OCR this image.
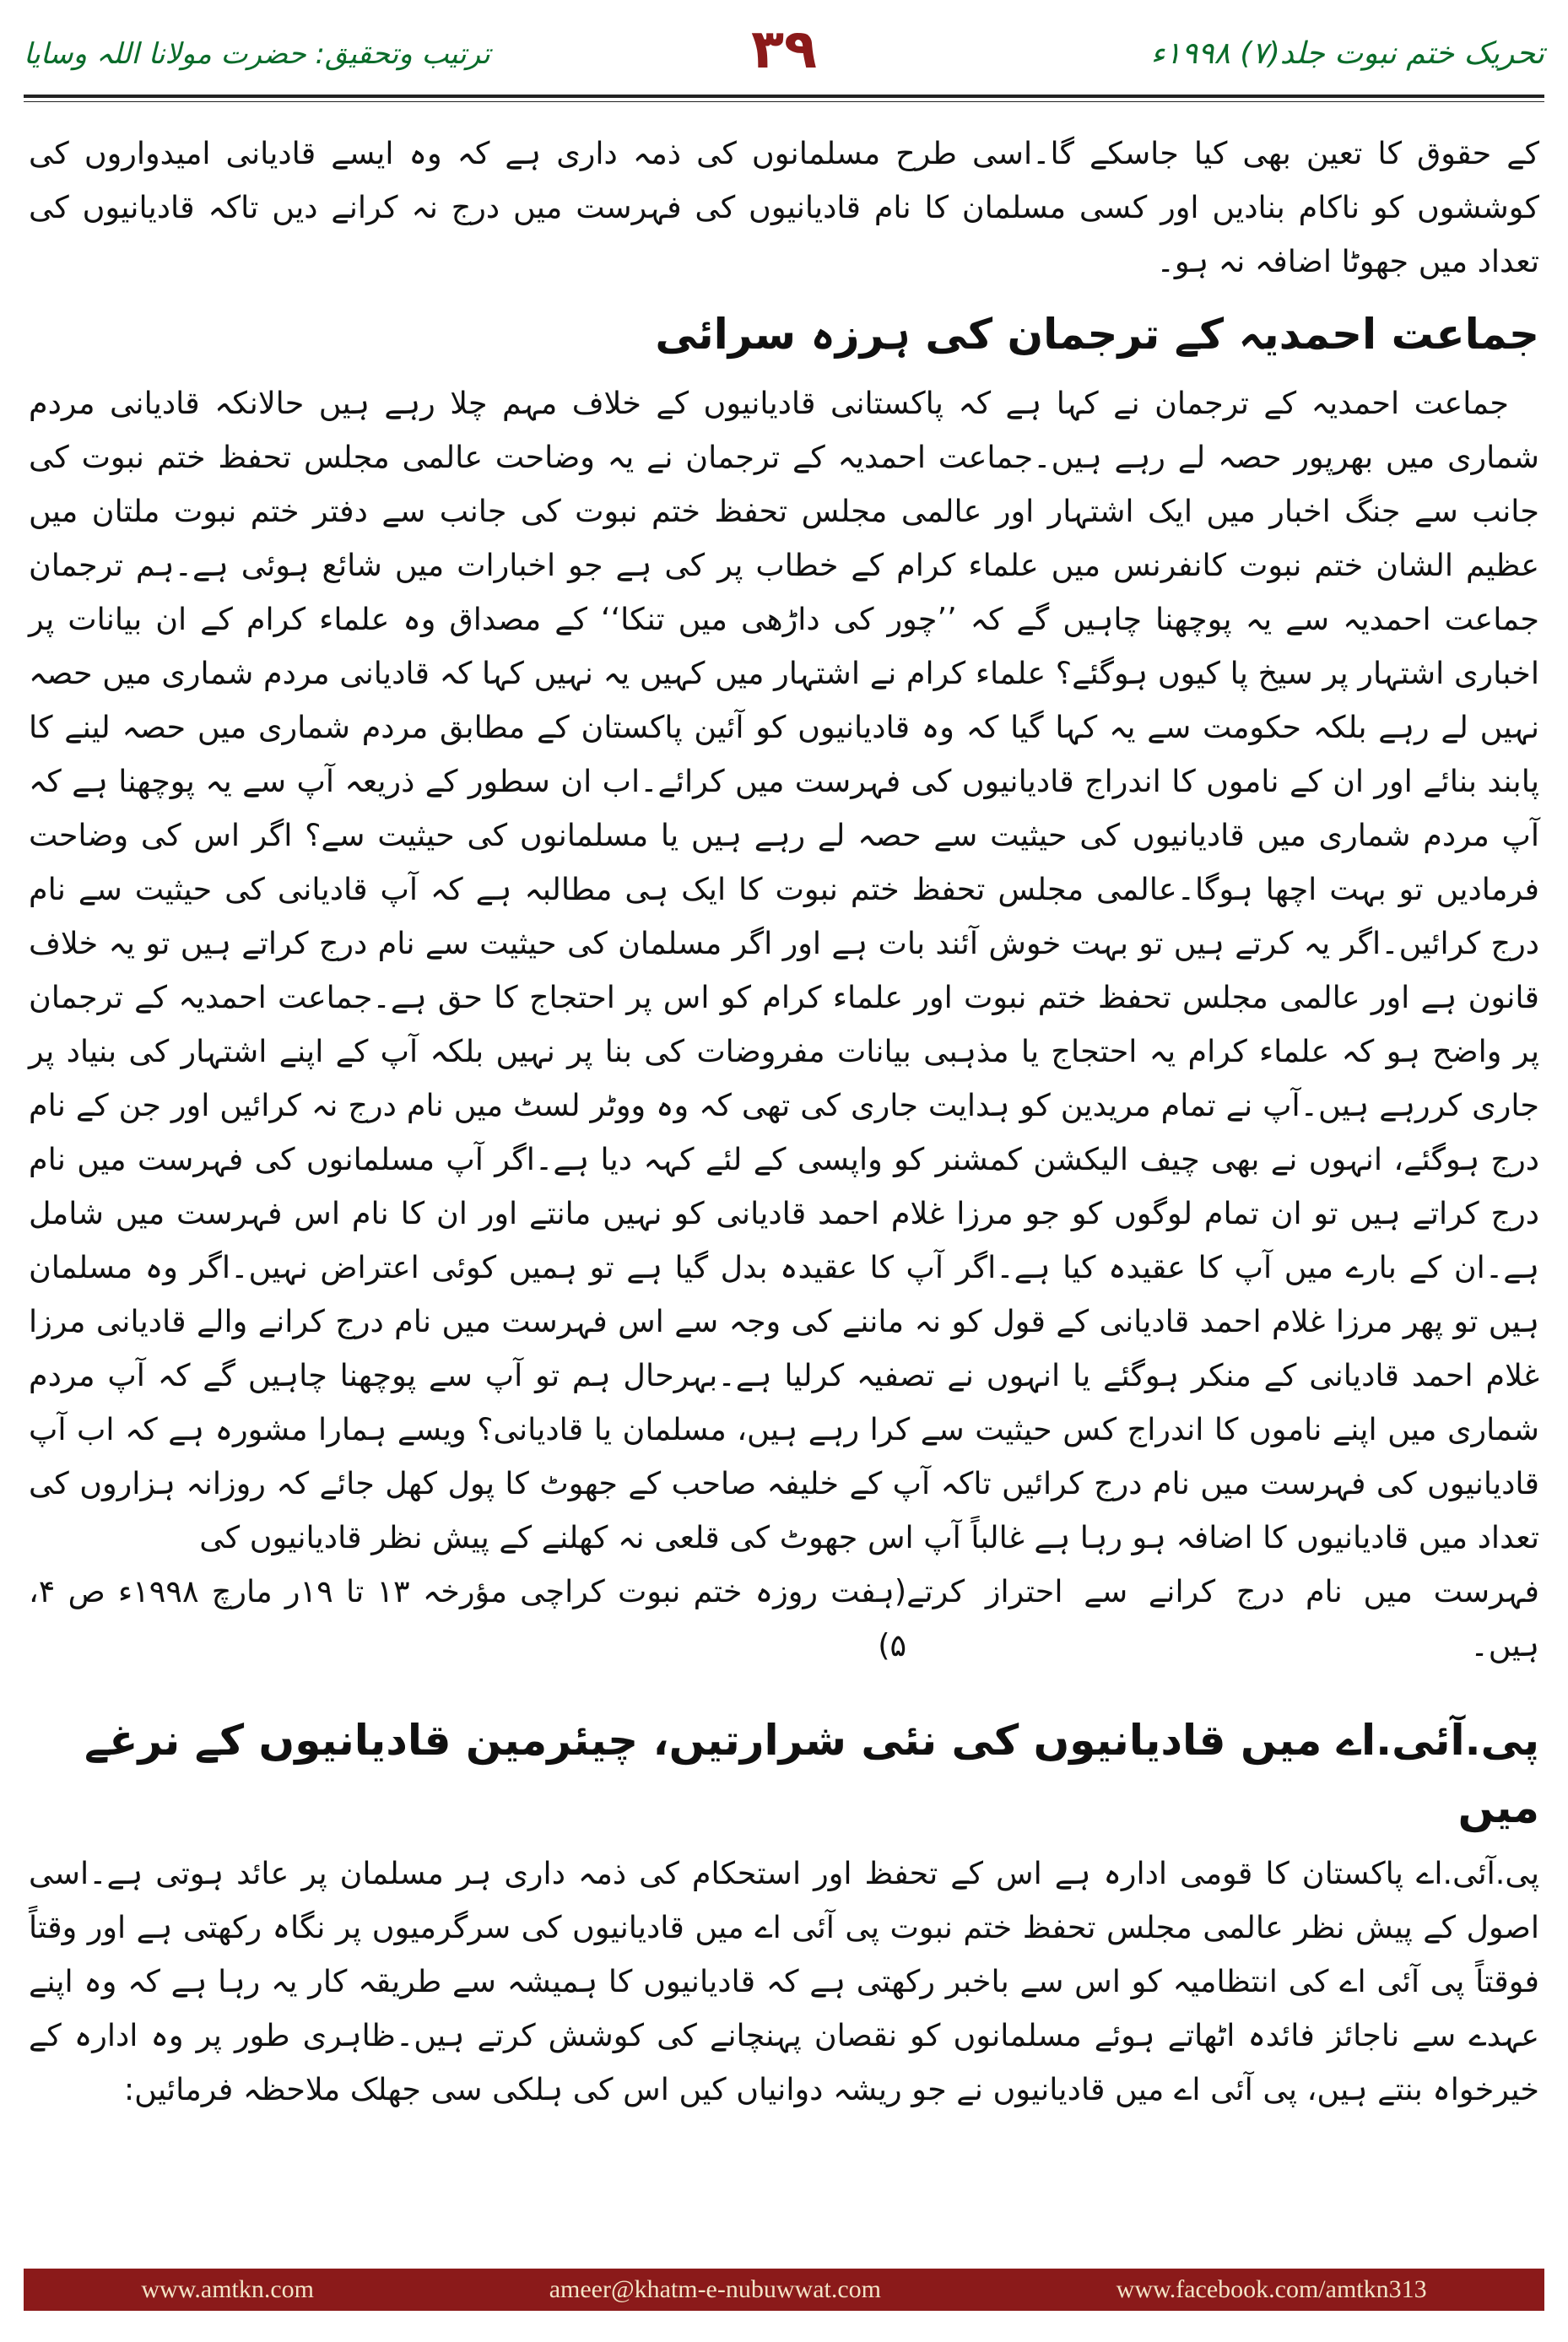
ترتیب وتحقیق: حضرت مولانا اللہ وسایا	۳۹	تحریک ختم نبوت جلد(۷) ۱۹۹۸ء

کے حقوق کا تعین بھی کیا جاسکے گا۔اسی طرح مسلمانوں کی ذمہ داری ہے کہ وہ ایسے قادیانی امیدواروں کی کوششوں کو ناکام بنادیں اور کسی مسلمان کا نام قادیانیوں کی فہرست میں درج نہ کرانے دیں تاکہ قادیانیوں کی تعداد میں جھوٹا اضافہ نہ ہو۔

جماعت احمدیہ کے ترجمان کی ہرزہ سرائی

جماعت احمدیہ کے ترجمان نے کہا ہے کہ پاکستانی قادیانیوں کے خلاف مہم چلا رہے ہیں حالانکہ قادیانی مردم شماری میں بھرپور حصہ لے رہے ہیں۔جماعت احمدیہ کے ترجمان نے یہ وضاحت عالمی مجلس تحفظ ختم نبوت کی جانب سے جنگ اخبار میں ایک اشتہار اور عالمی مجلس تحفظ ختم نبوت کی جانب سے دفتر ختم نبوت ملتان میں عظیم الشان ختم نبوت کانفرنس میں علماء کرام کے خطاب پر کی ہے جو اخبارات میں شائع ہوئی ہے۔ہم ترجمان جماعت احمدیہ سے یہ پوچھنا چاہیں گے کہ ’’چور کی داڑھی میں تنکا‘‘ کے مصداق وہ علماء کرام کے ان بیانات پر اخباری اشتہار پر سیخ پا کیوں ہوگئے؟ علماء کرام نے اشتہار میں کہیں یہ نہیں کہا کہ قادیانی مردم شماری میں حصہ نہیں لے رہے بلکہ حکومت سے یہ کہا گیا کہ وہ قادیانیوں کو آئین پاکستان کے مطابق مردم شماری میں حصہ لینے کا پابند بنائے اور ان کے ناموں کا اندراج قادیانیوں کی فہرست میں کرائے۔اب ان سطور کے ذریعہ آپ سے یہ پوچھنا ہے کہ آپ مردم شماری میں قادیانیوں کی حیثیت سے حصہ لے رہے ہیں یا مسلمانوں کی حیثیت سے؟ اگر اس کی وضاحت فرمادیں تو بہت اچھا ہوگا۔عالمی مجلس تحفظ ختم نبوت کا ایک ہی مطالبہ ہے کہ آپ قادیانی کی حیثیت سے نام درج کرائیں۔اگر یہ کرتے ہیں تو بہت خوش آئند بات ہے اور اگر مسلمان کی حیثیت سے نام درج کراتے ہیں تو یہ خلاف قانون ہے اور عالمی مجلس تحفظ ختم نبوت اور علماء کرام کو اس پر احتجاج کا حق ہے۔جماعت احمدیہ کے ترجمان پر واضح ہو کہ علماء کرام یہ احتجاج یا مذہبی بیانات مفروضات کی بنا پر نہیں بلکہ آپ کے اپنے اشتہار کی بنیاد پر جاری کررہے ہیں۔آپ نے تمام مریدین کو ہدایت جاری کی تھی کہ وہ ووٹر لسٹ میں نام درج نہ کرائیں اور جن کے نام درج ہوگئے، انہوں نے بھی چیف الیکشن کمشنر کو واپسی کے لئے کہہ دیا ہے۔اگر آپ مسلمانوں کی فہرست میں نام درج کراتے ہیں تو ان تمام لوگوں کو جو مرزا غلام احمد قادیانی کو نہیں مانتے اور ان کا نام اس فہرست میں شامل ہے۔ان کے بارے میں آپ کا عقیدہ کیا ہے۔اگر آپ کا عقیدہ بدل گیا ہے تو ہمیں کوئی اعتراض نہیں۔اگر وہ مسلمان ہیں تو پھر مرزا غلام احمد قادیانی کے قول کو نہ ماننے کی وجہ سے اس فہرست میں نام درج کرانے والے قادیانی مرزا غلام احمد قادیانی کے منکر ہوگئے یا انہوں نے تصفیہ کرلیا ہے۔بہرحال ہم تو آپ سے پوچھنا چاہیں گے کہ آپ مردم شماری میں اپنے ناموں کا اندراج کس حیثیت سے کرا رہے ہیں، مسلمان یا قادیانی؟ ویسے ہمارا مشورہ ہے کہ اب آپ قادیانیوں کی فہرست میں نام درج کرائیں تاکہ آپ کے خلیفہ صاحب کے جھوٹ کا پول کھل جائے کہ روزانہ ہزاروں کی تعداد میں قادیانیوں کا اضافہ ہو رہا ہے غالباً آپ اس جھوٹ کی قلعی نہ کھلنے کے پیش نظر قادیانیوں کی

فہرست میں نام درج کرانے سے احتراز کرتے ہیں۔
(ہفت روزہ ختم نبوت کراچی مؤرخہ ۱۳ تا ۱۹ر مارچ ۱۹۹۸ء ص ۴، ۵)
پی.آئی.اے میں قادیانیوں کی نئی شرارتیں، چیئرمین قادیانیوں کے نرغے میں

پی.آئی.اے پاکستان کا قومی ادارہ ہے اس کے تحفظ اور استحکام کی ذمہ داری ہر مسلمان پر عائد ہوتی ہے۔اسی اصول کے پیش نظر عالمی مجلس تحفظ ختم نبوت پی آئی اے میں قادیانیوں کی سرگرمیوں پر نگاہ رکھتی ہے اور وقتاً فوقتاً پی آئی اے کی انتظامیہ کو اس سے باخبر رکھتی ہے کہ قادیانیوں کا ہمیشہ سے طریقہ کار یہ رہا ہے کہ وہ اپنے عہدے سے ناجائز فائدہ اٹھاتے ہوئے مسلمانوں کو نقصان پہنچانے کی کوشش کرتے ہیں۔ظاہری طور پر وہ ادارہ کے خیرخواہ بنتے ہیں، پی آئی اے میں قادیانیوں نے جو ریشہ دوانیاں کیں اس کی ہلکی سی جھلک ملاحظہ فرمائیں:

www.amtkn.com	ameer@khatm-e-nubuwwat.com	www.facebook.com/amtkn313
